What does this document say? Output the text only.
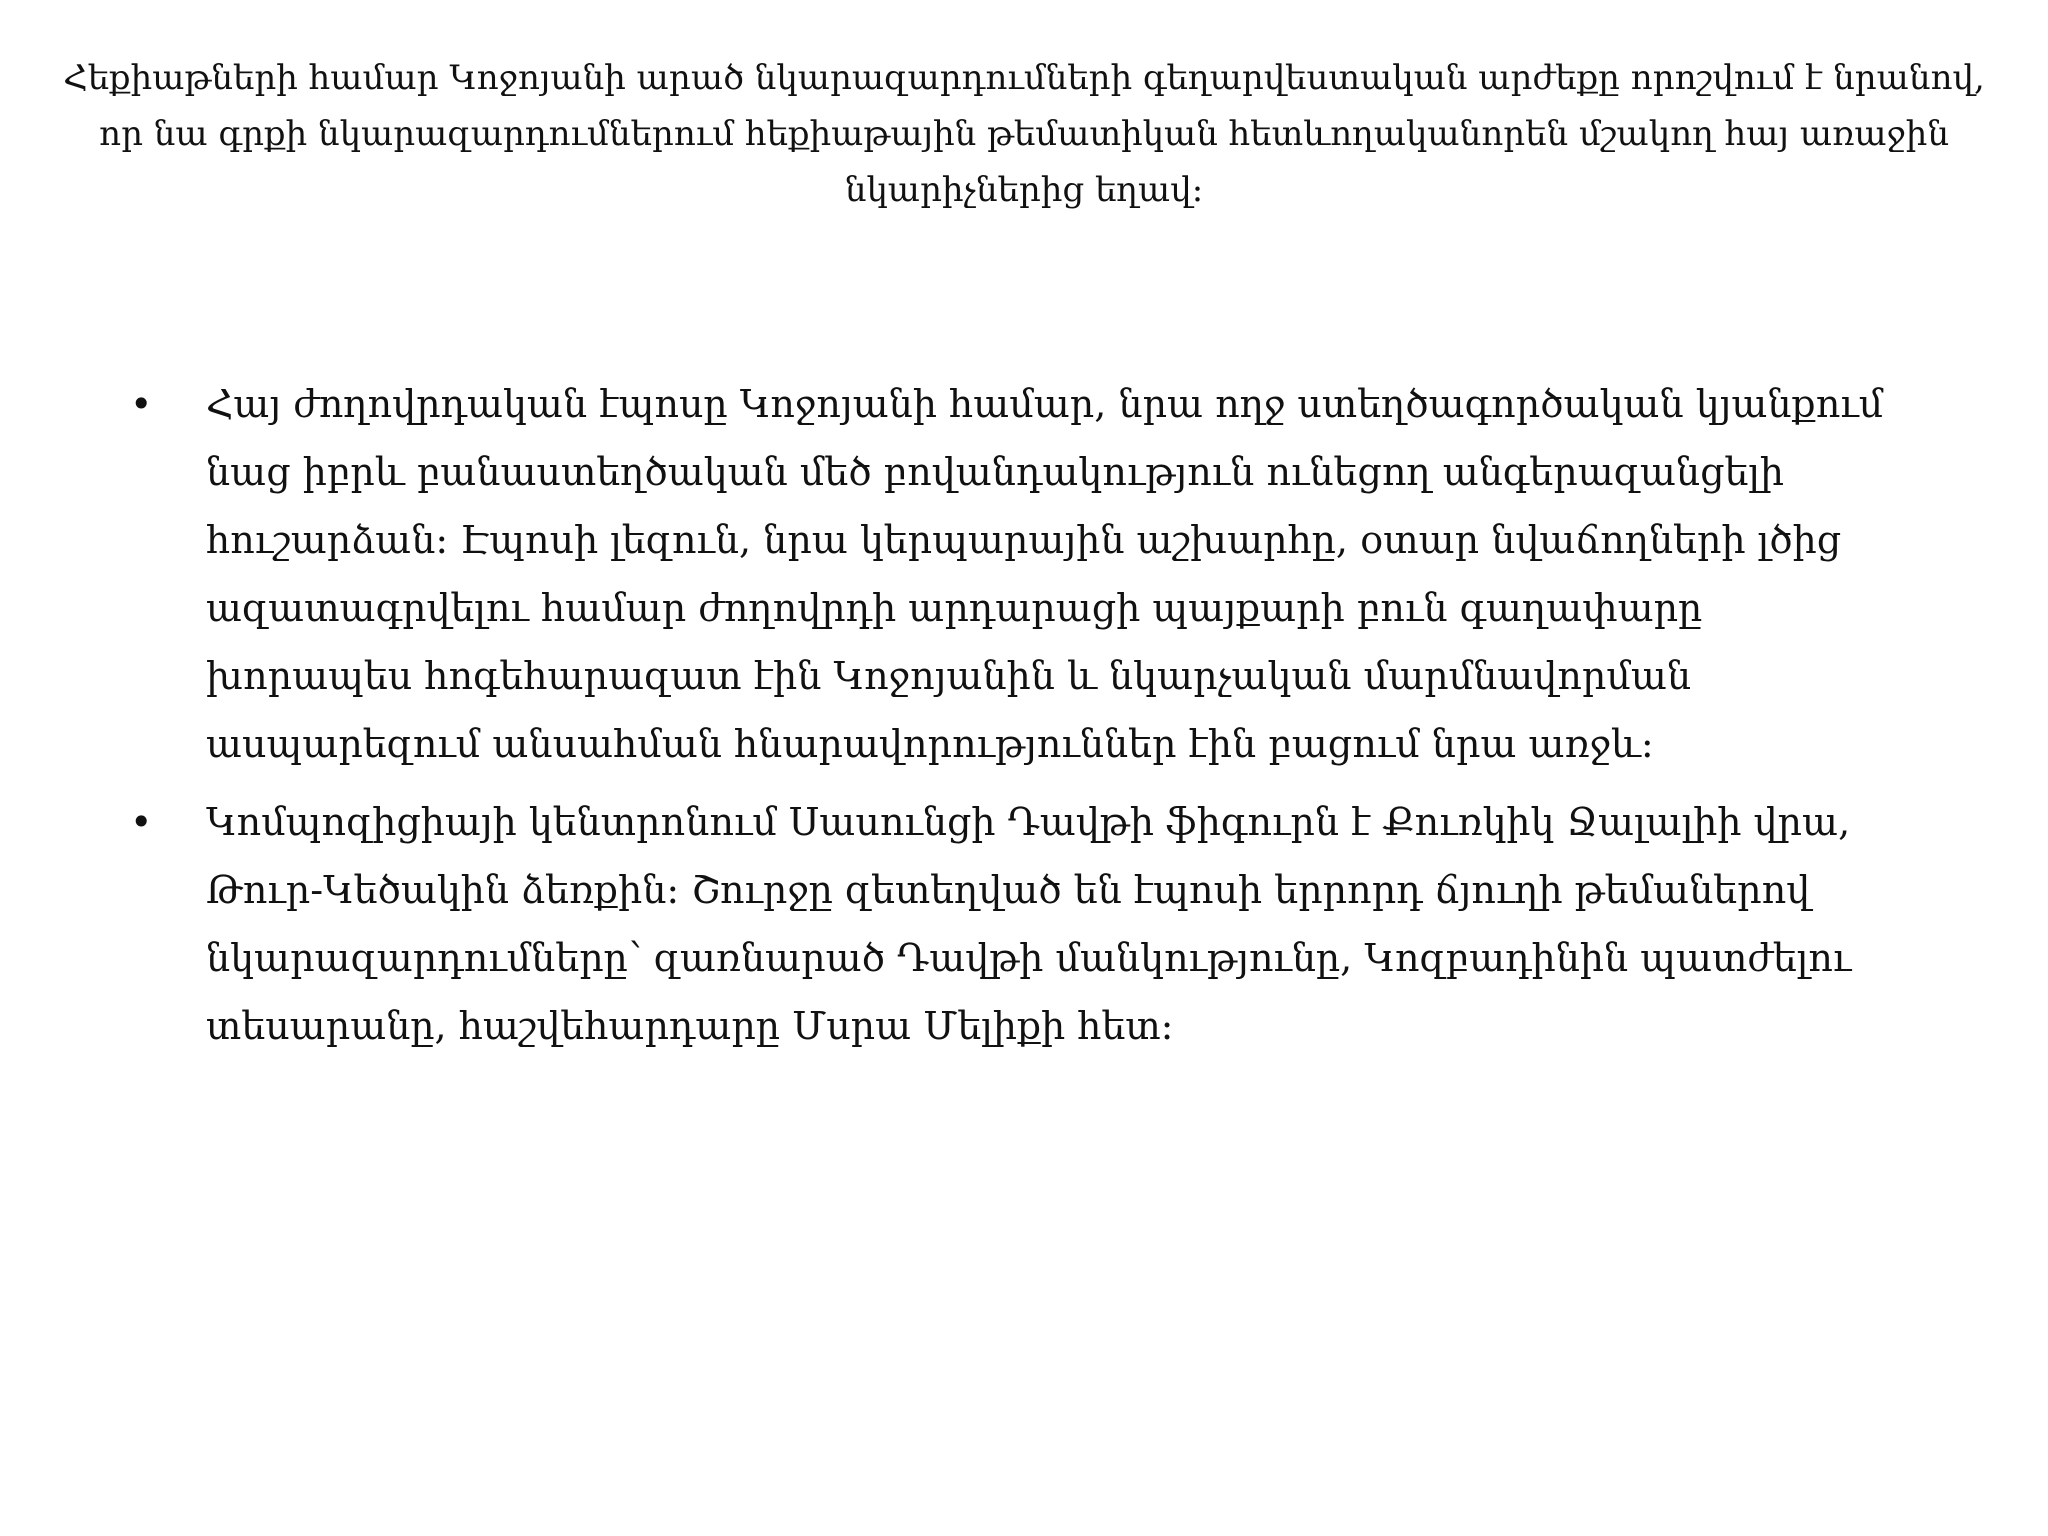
Հեքիաթների համար Կոջոյանի արած նկարազարդումների գեղարվեստական արժեքը որոշվում է նրանով, որ նա գրքի նկարազարդումներում հեքիաթային թեմատիկան հետևողականորեն մշակող հայ առաջին նկարիչներից եղավ:

• Հայ ժողովրդական էպոսը Կոջոյանի համար, նրա ողջ ստեղծագործական կյանքում նաց իբրև բանաստեղծական մեծ բովանդակություն ունեցող անգերազանցելի հուշարձան: Էպոսի լեզուն, նրա կերպարային աշխարհը, օտար նվաճողների լծից ազատագրվելու համար ժողովրդի արդարացի պայքարի բուն գաղափարը խորապես հոգեհարազատ էին Կոջոյանին և նկարչական մարմնավորման ասպարեզում անսահման հնարավորություններ էին բացում նրա առջև:
• Կոմպոզիցիայի կենտրոնում Սասունցի Դավթի ֆիգուրն է Քուռկիկ Ջալալիի վրա, Թուր-Կեծակին ձեռքին: Շուրջը զետեղված են էպոսի երրորդ ճյուղի թեմաներով նկարազարդումները՝ զառնարած Դավթի մանկությունը, Կոզբադինին պատժելու տեսարանը, հաշվեհարդարը Մսրա Մելիքի հետ:
